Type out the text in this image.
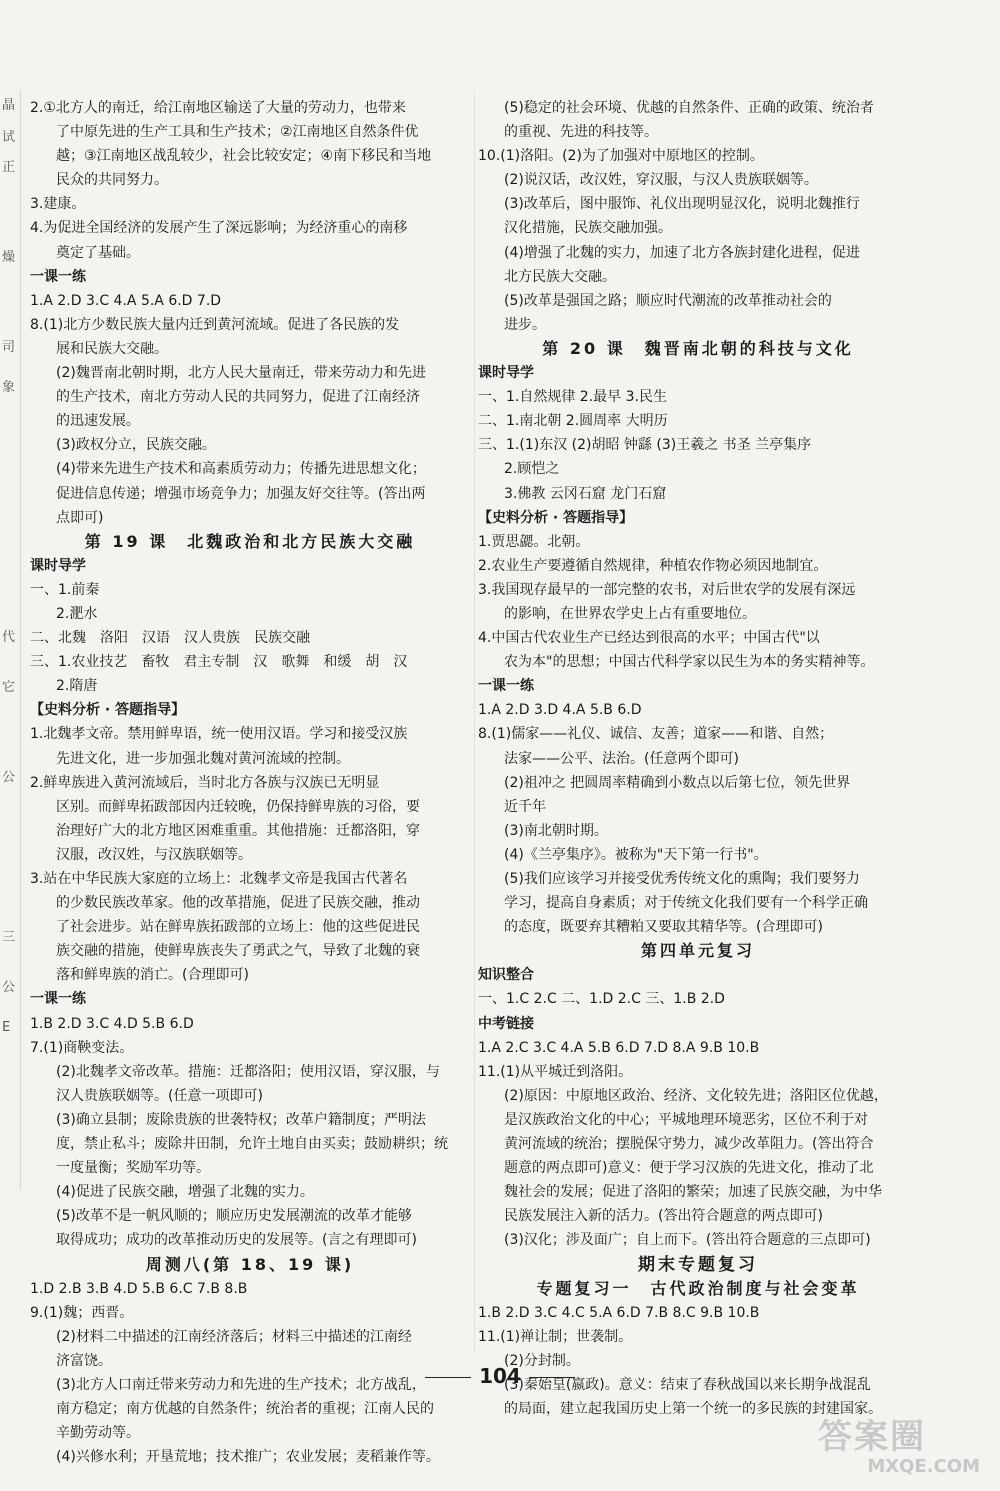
晶
试
正
燥
司
象
代
它
公
三
公
E

2.①北方人的南迁，给江南地区输送了大量的劳动力，也带来

了中原先进的生产工具和生产技术；②江南地区自然条件优

越；③江南地区战乱较少，社会比较安定；④南下移民和当地

民众的共同努力。

3.建康。

4.为促进全国经济的发展产生了深远影响；为经济重心的南移

奠定了基础。

一课一练

1.A 2.D 3.C 4.A 5.A 6.D 7.D

8.(1)北方少数民族大量内迁到黄河流域。促进了各民族的发

展和民族大交融。

(2)魏晋南北朝时期，北方人民大量南迁，带来劳动力和先进

的生产技术，南北方劳动人民的共同努力，促进了江南经济

的迅速发展。

(3)政权分立，民族交融。

(4)带来先进生产技术和高素质劳动力；传播先进思想文化；

促进信息传递；增强市场竞争力；加强友好交往等。(答出两

点即可)

第 19 课　北魏政治和北方民族大交融

课时导学

一、1.前秦

2.淝水

二、北魏　洛阳　汉语　汉人贵族　民族交融

三、1.农业技艺　畜牧　君主专制　汉　歌舞　和缓　胡　汉

2.隋唐

【史料分析 · 答题指导】

1.北魏孝文帝。禁用鲜卑语，统一使用汉语。学习和接受汉族

先进文化，进一步加强北魏对黄河流域的控制。

2.鲜卑族进入黄河流域后，当时北方各族与汉族已无明显

区别。而鲜卑拓跋部因内迁较晚，仍保持鲜卑族的习俗，要

治理好广大的北方地区困难重重。其他措施：迁都洛阳，穿

汉服，改汉姓，与汉族联姻等。

3.站在中华民族大家庭的立场上：北魏孝文帝是我国古代著名

的少数民族改革家。他的改革措施，促进了民族交融，推动

了社会进步。站在鲜卑族拓跋部的立场上：他的这些促进民

族交融的措施，使鲜卑族丧失了勇武之气，导致了北魏的衰

落和鲜卑族的消亡。(合理即可)

一课一练

1.B 2.D 3.C 4.D 5.B 6.D

7.(1)商鞅变法。

(2)北魏孝文帝改革。措施：迁都洛阳；使用汉语，穿汉服，与

汉人贵族联姻等。(任意一项即可)

(3)确立县制；废除贵族的世袭特权；改革户籍制度；严明法

度，禁止私斗；废除井田制，允许土地自由买卖；鼓励耕织；统

一度量衡；奖励军功等。

(4)促进了民族交融，增强了北魏的实力。

(5)改革不是一帆风顺的；顺应历史发展潮流的改革才能够

取得成功；成功的改革推动历史的发展等。(言之有理即可)

周测八(第 18、19 课)

1.D 2.B 3.B 4.D 5.B 6.C 7.B 8.B

9.(1)魏；西晋。

(2)材料二中描述的江南经济落后；材料三中描述的江南经

济富饶。

(3)北方人口南迁带来劳动力和先进的生产技术；北方战乱，

南方稳定；南方优越的自然条件；统治者的重视；江南人民的

辛勤劳动等。

(4)兴修水利；开垦荒地；技术推广；农业发展；麦稻兼作等。

(5)稳定的社会环境、优越的自然条件、正确的政策、统治者

的重视、先进的科技等。

10.(1)洛阳。(2)为了加强对中原地区的控制。

(2)说汉话，改汉姓，穿汉服，与汉人贵族联姻等。

(3)改革后，图中服饰、礼仪出现明显汉化，说明北魏推行

汉化措施，民族交融加强。

(4)增强了北魏的实力，加速了北方各族封建化进程，促进

北方民族大交融。

(5)改革是强国之路；顺应时代潮流的改革推动社会的

进步。

第 20 课　魏晋南北朝的科技与文化

课时导学

一、1.自然规律 2.最早 3.民生

二、1.南北朝 2.圆周率 大明历

三、1.(1)东汉 (2)胡昭 钟繇 (3)王羲之 书圣 兰亭集序

2.顾恺之

3.佛教 云冈石窟 龙门石窟

【史料分析 · 答题指导】

1.贾思勰。北朝。

2.农业生产要遵循自然规律，种植农作物必须因地制宜。

3.我国现存最早的一部完整的农书，对后世农学的发展有深远

的影响，在世界农学史上占有重要地位。

4.中国古代农业生产已经达到很高的水平；中国古代"以

农为本"的思想；中国古代科学家以民生为本的务实精神等。

一课一练

1.A 2.D 3.D 4.A 5.B 6.D

8.(1)儒家——礼仪、诚信、友善；道家——和谐、自然；

法家——公平、法治。(任意两个即可)

(2)祖冲之 把圆周率精确到小数点以后第七位，领先世界

近千年

(3)南北朝时期。

(4)《兰亭集序》。被称为"天下第一行书"。

(5)我们应该学习并接受优秀传统文化的熏陶；我们要努力

学习，提高自身素质；对于传统文化我们要有一个科学正确

的态度，既要弃其糟粕又要取其精华等。(合理即可)

第四单元复习

知识整合

一、1.C 2.C 二、1.D 2.C 三、1.B 2.D

中考链接

1.A 2.C 3.C 4.A 5.B 6.D 7.D 8.A 9.B 10.B

11.(1)从平城迁到洛阳。

(2)原因：中原地区政治、经济、文化较先进；洛阳区位优越，

是汉族政治文化的中心；平城地理环境恶劣，区位不利于对

黄河流域的统治；摆脱保守势力，减少改革阻力。(答出符合

题意的两点即可)意义：便于学习汉族的先进文化，推动了北

魏社会的发展；促进了洛阳的繁荣；加速了民族交融，为中华

民族发展注入新的活力。(答出符合题意的两点即可)

(3)汉化；涉及面广；自上而下。(答出符合题意的三点即可)

期末专题复习

专题复习一　古代政治制度与社会变革

1.B 2.D 3.C 4.C 5.A 6.D 7.B 8.C 9.B 10.B

11.(1)禅让制；世袭制。

(2)分封制。

(3)秦始皇(嬴政)。意义：结束了春秋战国以来长期争战混乱

的局面，建立起我国历史上第一个统一的多民族的封建国家。

104
答案圈
MXQE.COM
